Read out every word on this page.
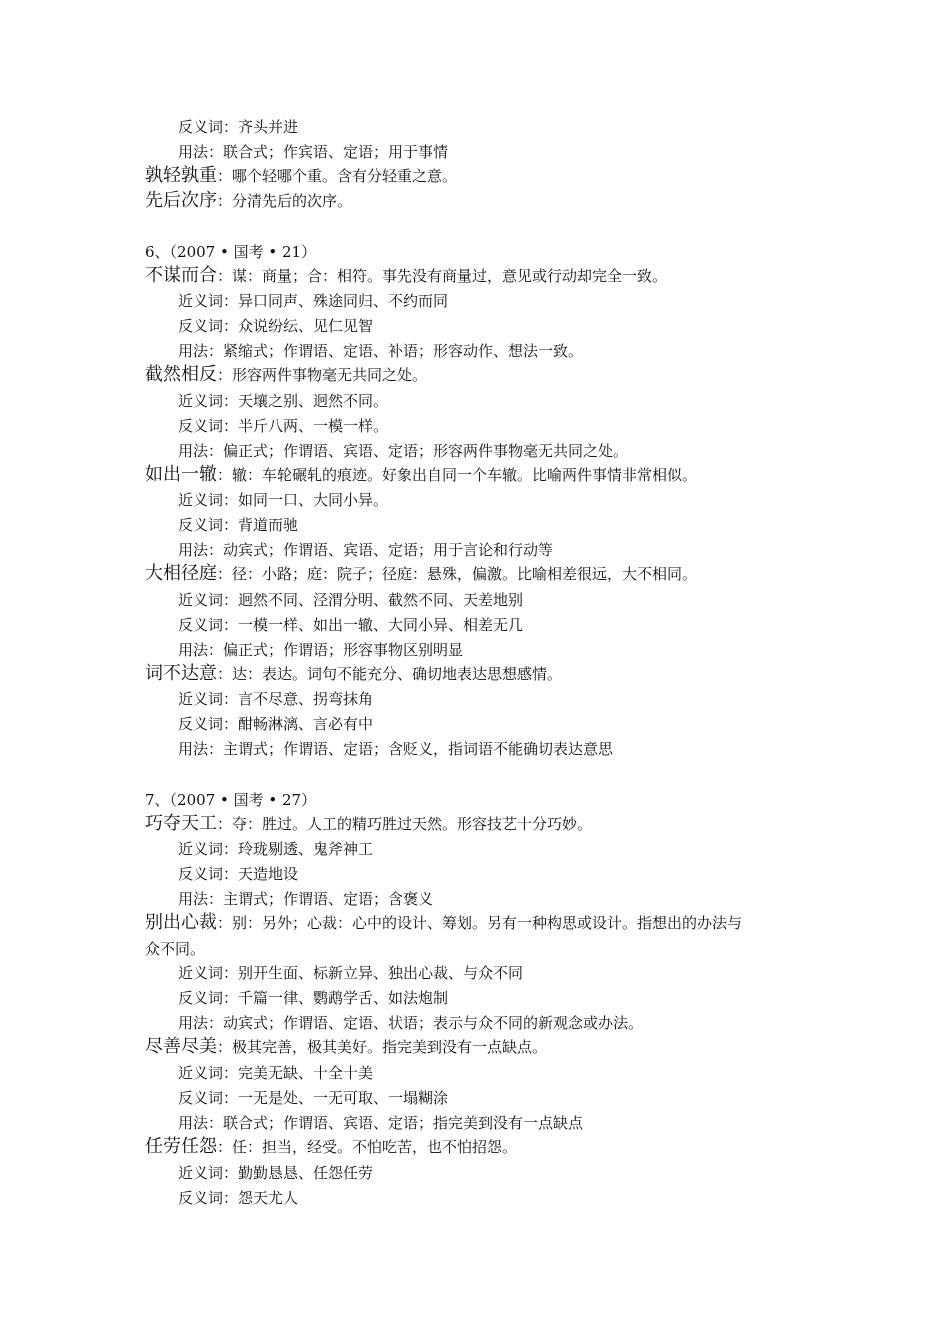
反义词：齐头并进
用法：联合式；作宾语、定语；用于事情
孰轻孰重：哪个轻哪个重。含有分轻重之意。
先后次序：分清先后的次序。
6、（2007 • 国考 • 21）
不谋而合：谋：商量；合：相符。事先没有商量过，意见或行动却完全一致。
近义词：异口同声、殊途同归、不约而同
反义词：众说纷纭、见仁见智
用法：紧缩式；作谓语、定语、补语；形容动作、想法一致。
截然相反：形容两件事物毫无共同之处。
近义词：天壤之别、迥然不同。
反义词：半斤八两、一模一样。
用法：偏正式；作谓语、宾语、定语；形容两件事物毫无共同之处。
如出一辙：辙：车轮碾轧的痕迹。好象出自同一个车辙。比喻两件事情非常相似。
近义词：如同一口、大同小异。
反义词：背道而驰
用法：动宾式；作谓语、宾语、定语；用于言论和行动等
大相径庭：径：小路；庭：院子；径庭：悬殊，偏激。比喻相差很远，大不相同。
近义词：迥然不同、泾渭分明、截然不同、天差地别
反义词：一模一样、如出一辙、大同小异、相差无几
用法：偏正式；作谓语；形容事物区别明显
词不达意：达：表达。词句不能充分、确切地表达思想感情。
近义词：言不尽意、拐弯抹角
反义词：酣畅淋漓、言必有中
用法：主谓式；作谓语、定语；含贬义，指词语不能确切表达意思
7、（2007 • 国考 • 27）
巧夺天工：夺：胜过。人工的精巧胜过天然。形容技艺十分巧妙。
近义词：玲珑剔透、鬼斧神工
反义词：天造地设
用法：主谓式；作谓语、定语；含褒义
别出心裁：别：另外；心裁：心中的设计、筹划。另有一种构思或设计。指想出的办法与
众不同。
近义词：别开生面、标新立异、独出心裁、与众不同
反义词：千篇一律、鹦鹉学舌、如法炮制
用法：动宾式；作谓语、定语、状语；表示与众不同的新观念或办法。
尽善尽美：极其完善，极其美好。指完美到没有一点缺点。
近义词：完美无缺、十全十美
反义词：一无是处、一无可取、一塌糊涂
用法：联合式；作谓语、宾语、定语；指完美到没有一点缺点
任劳任怨：任：担当，经受。不怕吃苦，也不怕招怨。
近义词：勤勤恳恳、任怨任劳
反义词：怨天尤人
